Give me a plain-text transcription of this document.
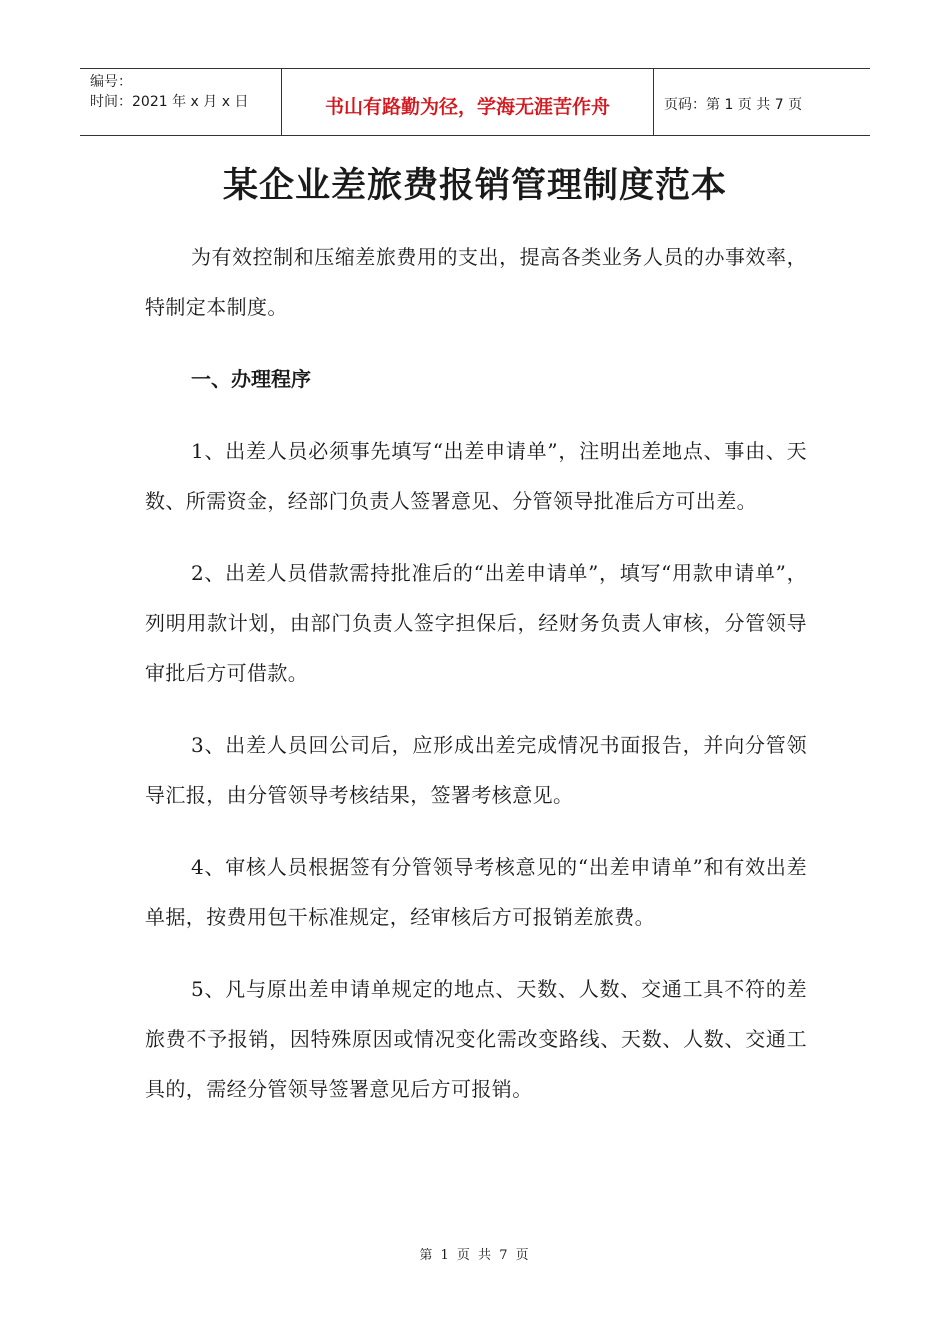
编号：
时间：2021 年 x 月 x 日	书山有路勤为径，学海无涯苦作舟	页码：第 1 页 共 7 页
某企业差旅费报销管理制度范本

为有效控制和压缩差旅费用的支出，提高各类业务人员的办事效率，特制定本制度。

一、办理程序

1、出差人员必须事先填写“出差申请单”，注明出差地点、事由、天数、所需资金，经部门负责人签署意见、分管领导批准后方可出差。

2、出差人员借款需持批准后的“出差申请单”，填写“用款申请单”，列明用款计划，由部门负责人签字担保后，经财务负责人审核，分管领导审批后方可借款。

3、出差人员回公司后，应形成出差完成情况书面报告，并向分管领导汇报，由分管领导考核结果，签署考核意见。

4、审核人员根据签有分管领导考核意见的“出差申请单”和有效出差单据，按费用包干标准规定，经审核后方可报销差旅费。

5、凡与原出差申请单规定的地点、天数、人数、交通工具不符的差旅费不予报销，因特殊原因或情况变化需改变路线、天数、人数、交通工具的，需经分管领导签署意见后方可报销。

第 1 页 共 7 页
